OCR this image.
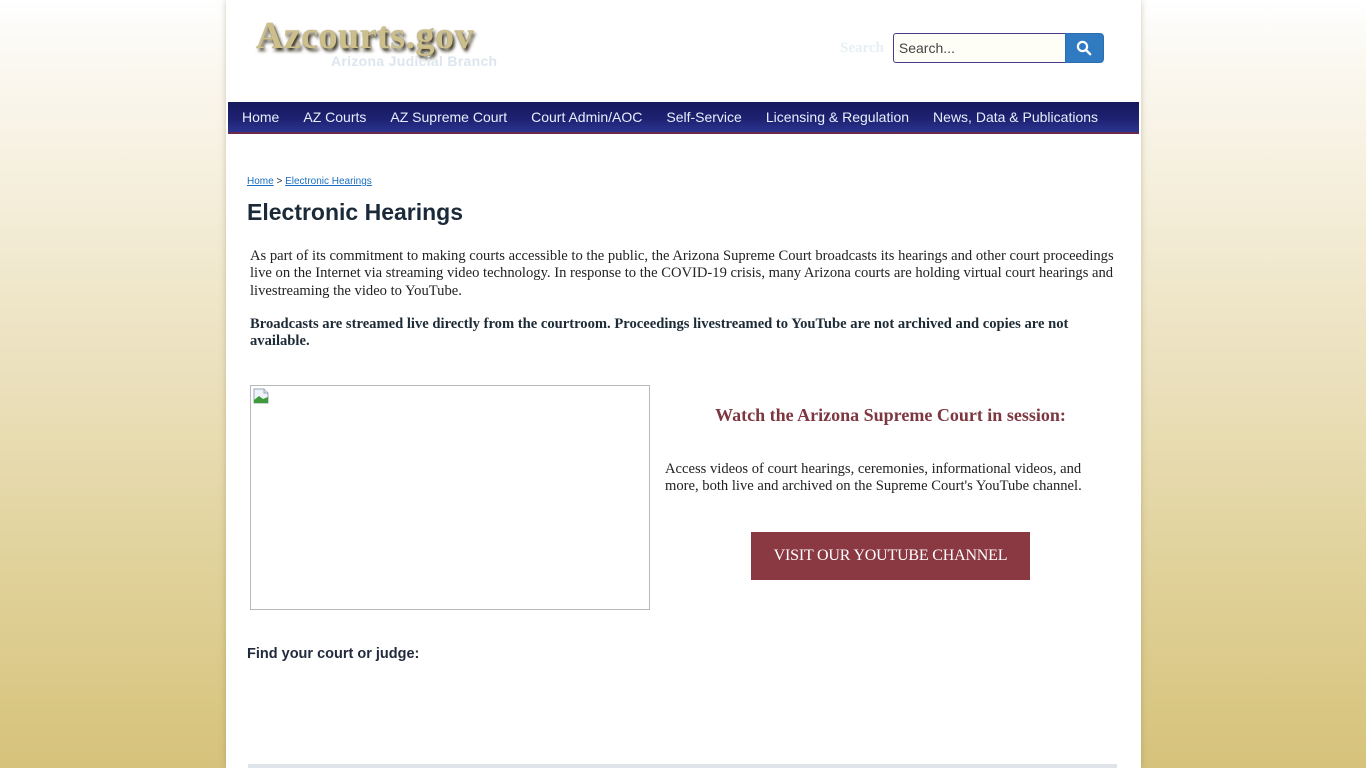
Azcourts.gov
Arizona Judicial Branch
Search
Search...
Home	AZ Courts	AZ Supreme Court	Court Admin/AOC	Self-Service	Licensing & Regulation	News, Data & Publications
Home > Electronic Hearings
Electronic Hearings

As part of its commitment to making courts accessible to the public, the Arizona Supreme Court broadcasts its hearings and other court proceedings live on the Internet via streaming video technology. In response to the COVID-19 crisis, many Arizona courts are holding virtual court hearings and livestreaming the video to YouTube.

Broadcasts are streamed live directly from the courtroom. Proceedings livestreamed to YouTube are not archived and copies are not available.

Watch the Arizona Supreme Court in session:

Access videos of court hearings, ceremonies, informational videos, and more, both live and archived on the Supreme Court's YouTube channel.

VISIT OUR YOUTUBE CHANNEL
Find your court or judge:
